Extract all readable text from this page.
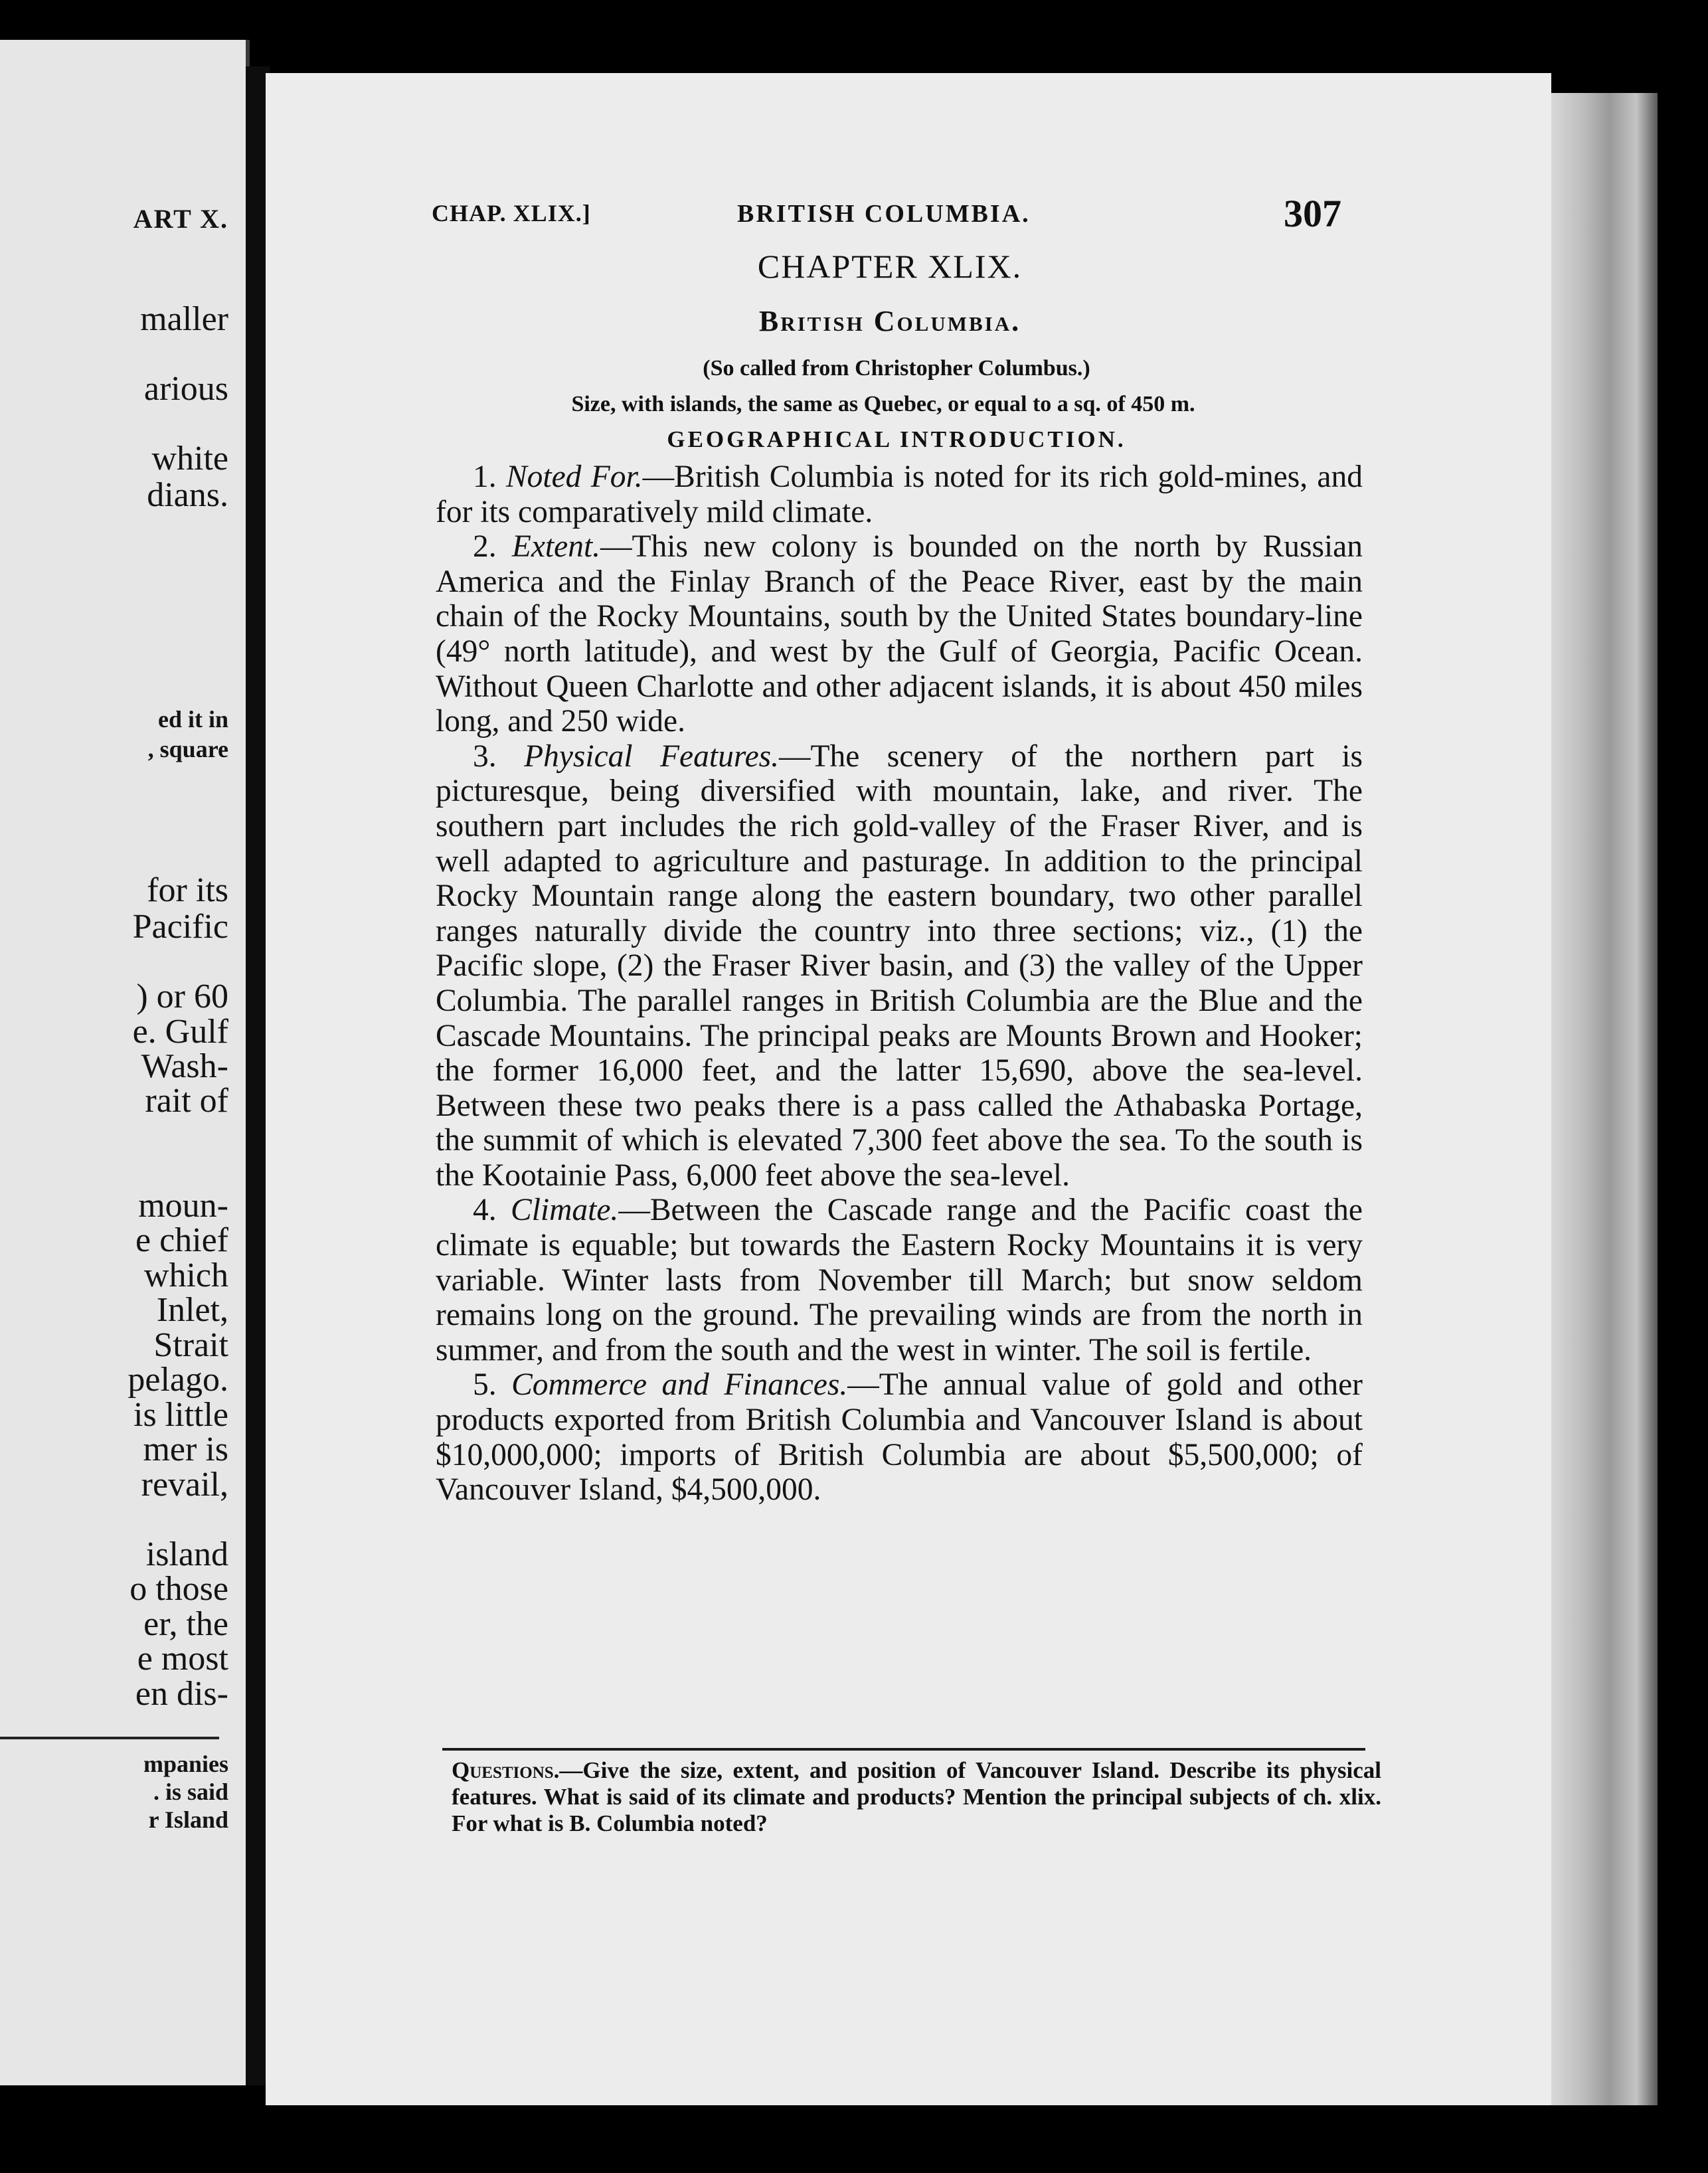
ART X.
maller
arious
white
dians.
ed it in
, square
for its
Pacific
) or 60
e. Gulf
Wash-
rait of
moun-
e chief
which
Inlet,
Strait
pelago.
is little
mer is
revail,
island
o those
er, the
e most
en dis-
mpanies
. is said
r Island
CHAP. XLIX.]	BRITISH COLUMBIA.	307
CHAPTER XLIX.
British Columbia.
(So called from Christopher Columbus.)
Size, with islands, the same as Quebec, or equal to a sq. of 450 m.
GEOGRAPHICAL INTRODUCTION.

1. Noted For.—British Columbia is noted for its rich gold-mines, and for its comparatively mild climate.

2. Extent.—This new colony is bounded on the north by Russian America and the Finlay Branch of the Peace River, east by the main chain of the Rocky Mountains, south by the United States boundary-line (49° north latitude), and west by the Gulf of Georgia, Pacific Ocean. Without Queen Charlotte and other adjacent islands, it is about 450 miles long, and 250 wide.

3. Physical Features.—The scenery of the northern part is picturesque, being diversified with mountain, lake, and river. The southern part includes the rich gold-valley of the Fraser River, and is well adapted to agriculture and pasturage. In addition to the principal Rocky Mountain range along the eastern boundary, two other parallel ranges naturally divide the country into three sections; viz., (1) the Pacific slope, (2) the Fraser River basin, and (3) the valley of the Upper Columbia. The parallel ranges in British Columbia are the Blue and the Cascade Mountains. The principal peaks are Mounts Brown and Hooker; the former 16,000 feet, and the latter 15,690, above the sea-level. Between these two peaks there is a pass called the Athabaska Portage, the summit of which is elevated 7,300 feet above the sea. To the south is the Kootainie Pass, 6,000 feet above the sea-level.

4. Climate.—Between the Cascade range and the Pacific coast the climate is equable; but towards the Eastern Rocky Mountains it is very variable. Winter lasts from November till March; but snow seldom remains long on the ground. The prevailing winds are from the north in summer, and from the south and the west in winter. The soil is fertile.

5. Commerce and Finances.—The annual value of gold and other products exported from British Columbia and Vancouver Island is about $10,000,000; imports of British Columbia are about $5,500,000; of Vancouver Island, $4,500,000.

Questions.—Give the size, extent, and position of Vancouver Island. Describe its physical features. What is said of its climate and products? Mention the principal subjects of ch. xlix. For what is B. Columbia noted?
